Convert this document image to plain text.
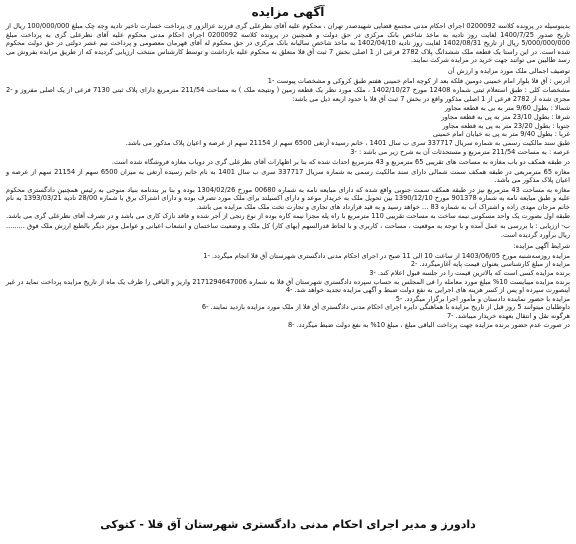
آگهی مزایده

بدینوسیله در پرونده کلاسه 0200092 اجرای احکام مدنی مجتمع قضایی شهیدصدر تهران ، محکوم علیه آقای نظرعلی گری فرزند عزالزور ی پرداخت خسارت تاخیر تادیه وجه چک مبلغ 100/000/000 ریال از تاریخ صدور 1400/7/25 لغایت روز تادیه به ماخذ شاخص بانک مرکزی در حق دولت و همچنین در پرونده کلاسه 0200092 اجرای احکام مدنی محکوم علیه آقای نظرعلی گری به پرداخت مبلغ 5/000/000/000 ریال از تاریخ 1402/08/31 لغایت روز تادیه 1402/04/10 به ماخذ شاخص سالیانه بانک مرکزی در حق محکوم له آقای قهرمان معصومی و پرداخت نیم عشر دولتی در حق دولت محکوم شده است. در این راستا یک قطعه ملک ششدانگ پلاک 2782 فرعی از 1 اصلی بخش 7 ثبت آق قلا متعلق به محکوم علیه بازداشت و توسط کارشناس منتخب ارزیابی گردیده که از طریق مزایده بفروش می رسد طالبین می توانند جهت خرید در مزایده شرکت نمایند.

توصیف اجمالی ملک مورد مزایده و ارزش آن

آدرس : آق قلا بلوار امام خمینی دومین فلکه بعد از کوچه امام خمینی هفتم طبق کروکی و مشخصات پیوست -1

مشخصات کلی : طبق استعلام ثبتی شماره 12408 مورخ 1402/10/27 ، ملک مورد نظر یک قطعه زمین ( ونتیجه ملک ) به مساحت 211/54 مترمربع دارای پلاک ثبتی 7130 فرعی از یک اصلی مفروز و -2 مجزی شده از 2782 فرعی از 1 اصلی مذکور واقع در بخش 7 ثبت آق قلا با حدود اربعه ذیل می باشد:

شمالا : بطول 9/60 متر به بی به قطعه مجاور

شرقا : بطول 23/10 متر به پی به قطعه مجاور

جنوبا : بطول 23/20 متر به پی به قطعه مجاور

غربا : بطول 9/40 متر به پی به خیابان امام خمینی

طبق سند مالکیت رسمی به شماره سریال 337717 سری ب سال 1401 ، خانم رسیده آرتغی 6500 سهم از 21154 سهم از عرصه و اعیان پلاک مذکور می باشد.

عرصه : به مساحت 211/54 مترمربع و مستحدثات آن به شرح زیر می باشد : -3

در طبقه همکف دو باب مغازه به مساحت های تقریبی 65 مترمربع و 43 مترمربع احداث شده که بنا بر اظهارات آقای نظرعلی گری در دوباب مغازه فروشگاه شده است.

مغازه 65 مترمربعی در طبقه همکف سمت شمالی دارای سند مالکیت رسمی به شماره سریال 337717 سری ب سال 1401 به نام خانم رسیده آرتغی به میزان 6500 سهم از 21154 سهم از عرصه و اعیان پلاک مذکور می باشد.

مغازه به مساحت 43 مترمربع نیز در طبقه همکف سمت جنوبی واقع شده که دارای مبایعه نامه به شماره 00680 مورخ 1304/02/26 بوده و بنا بر بندنامه بنیاد منوجی به رئیس همچنین دادگستری محکوم علیه و طبق مبایعه نامه به شماره 901378 مورخ 1390/12/10 بین تحویل ملک به خریدار موعد و دارای اکسیلتد برای ملک مورد تصرف بوده و دارای اشتراک برق با شماره 28/00 تادیه 1393/03/21 به نام خانم مرجان مهدی زاده و اشتراک آب به شماره 83 ... خواهد رسید و به قید قرارداد های تجاری و تجارت تخت ملک ملک مزایده می باشد.

طبقه اول بصورت یک واحد مسکونی نیمه ساخت به مساحت تقریبی 110 مترمربع با راه پله مجزا نیمه کاره بوده از نوع رنجی از آجر شده و فاقد نازک کاری می باشد و در تصرف آقای نظرعلی گری می باشد.

ب- ارزیابی : با بررسی به عمل آمده و با توجه به موقعیت ، مساحت ، کاربری و با لحاظ قدرالسهم (بهای کار) کل ملک و وضعیت ساختمان و انشعاب اعیانی و عوامل موثر دیگر بالطبع ارزش ملک فوق ......... ریال برآورد گردیده است.

شرایط آگهی مزایده:

مزایده روزسه‌شنبه مورخ 1403/06/05 از ساعت 10 الی 11 صبح در اجرای احکام مدنی دادگستری شهرستان آق قلا انجام میگردد. -1

مزایده از مبلغ کارشناسی بعنوان قیمت پایه آغازمیگردد. -2

برنده مزایده کسی است که بالاترین قیمت را در جلسه قبول اعلام کند. -3

برنده مزایده میبایست 10% مبلغ مورد معامله را فی المجلس به حساب سپرده دادگستری شهرستان آق قلا به شماره 2171294647006 واریز و الباقی را ظرف یک ماه از تاریخ مزایده پرداخت نماید در غیر اینصورت سپرده او پس از کسر هزینه های اجرایی به نفع دولت ضبط و آگهی مزایده تجدید خواهد شد. -4

مزایده با حضور نماینده دادستان و مأمور اجرا برگزار میگردد. -5

داوطلبان میتوانند 5 روز قبل از تاریخ مزایده با هماهنگی دایره اجرای احکام مدنی دادگستری آق قلا از ملک مورد مزایده بازدید نمایند. -6

هرگونه نقل و انتقال بعهده خریدار میباشد. -7

در صورت عدم حضور برنده مزایده جهت پرداخت الباقی مبلغ ، مبلغ 10% به نفع دولت ضبط میگردد. -8

دادورز و مدیر اجرای احکام مدنی دادگستری شهرستان آق قلا - کتوکی
